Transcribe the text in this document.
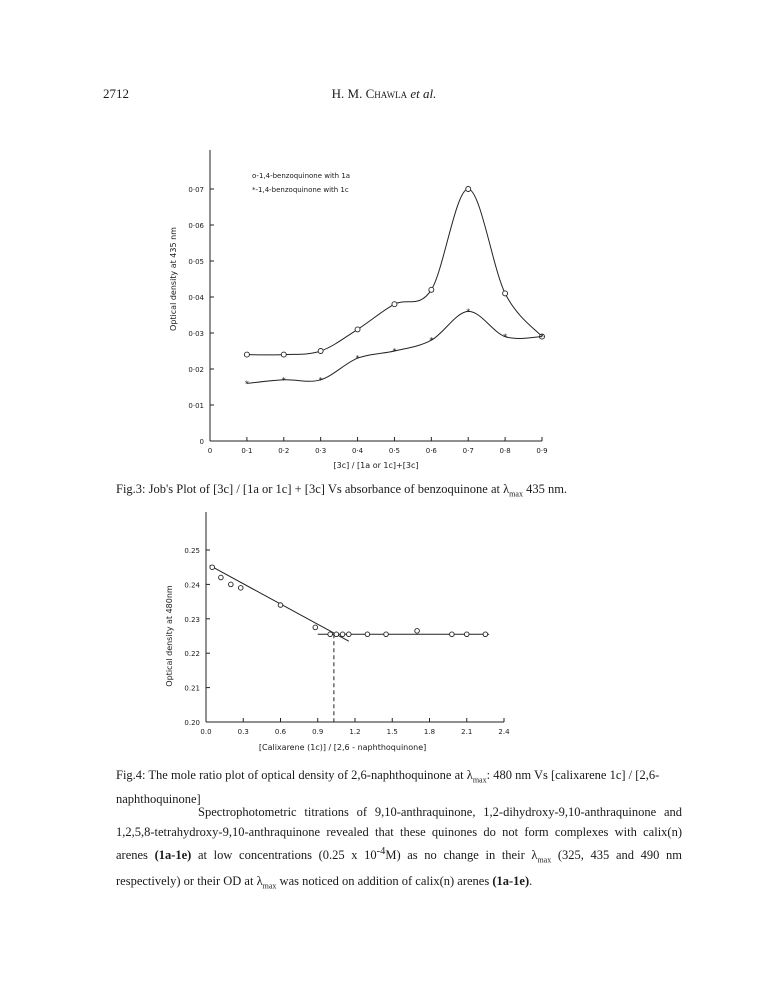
2712	H. M. Chawla et al.
0	0·1	0·2	0·3	0·4	0·5	0·6	0·7	0·8	0·9
0
0·01
0·02
0·03
0·04
0·05
0·06
0·07
[3c] / [1a or 1c]+[3c]
Optical density at 435 nm
o-1,4-benzoquinone with 1a
*-1,4-benzoquinone with 1c
*	*	*
*
*
*
*
*	*
0.0	0.3	0.6	0.9	1.2	1.5	1.8	2.1	2.4
0.20
0.21
0.22
0.23
0.24
0.25
[Calixarene (1c)] / [2,6 - naphthoquinone]
Optical density at 480nm
Fig.3: Job's Plot of [3c] / [1a or 1c] + [3c] Vs absorbance of benzoquinone at $\lambda_{max}$ 435 nm.
Fig.4: The mole ratio plot of optical density of 2,6-naphthoquinone at $\lambda_{max}$: 480 nm Vs [calixarene 1c] / [2,6-naphthoquinone]
Spectrophotometric titrations of 9,10-anthraquinone, 1,2-dihydroxy-9,10-anthraquinone and 1,2,5,8-tetrahydroxy-9,10-anthraquinone revealed that these quinones do not form complexes with calix(n) arenes (1a-1e) at low concentrations (0.25 x $10^{-4}M$) as no change in their $\lambda_{max}$ (325, 435 and 490 nm respectively) or their OD at $\lambda_{max}$ was noticed on addition of calix(n) arenes (1a-1e).
